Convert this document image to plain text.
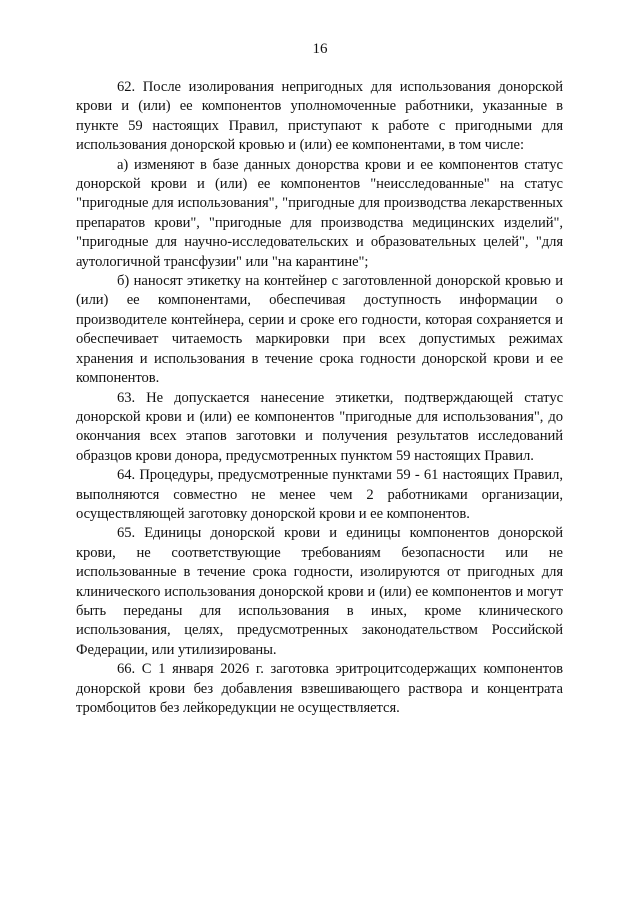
16

62. После изолирования непригодных для использования донорской крови и (или) ее компонентов уполномоченные работники, указанные в пункте 59 настоящих Правил, приступают к работе с пригодными для использования донорской кровью и (или) ее компонентами, в том числе:

а) изменяют в базе данных донорства крови и ее компонентов статус донорской крови и (или) ее компонентов "неисследованные" на статус "пригодные для использования", "пригодные для производства лекарственных препаратов крови", "пригодные для производства медицинских изделий", "пригодные для научно-исследовательских и образовательных целей", "для аутологичной трансфузии" или "на карантине";

б) наносят этикетку на контейнер с заготовленной донорской кровью и (или) ее компонентами, обеспечивая доступность информации о производителе контейнера, серии и сроке его годности, которая сохраняется и обеспечивает читаемость маркировки при всех допустимых режимах хранения и использования в течение срока годности донорской крови и ее компонентов.

63. Не допускается нанесение этикетки, подтверждающей статус донорской крови и (или) ее компонентов "пригодные для использования", до окончания всех этапов заготовки и получения результатов исследований образцов крови донора, предусмотренных пунктом 59 настоящих Правил.

64. Процедуры, предусмотренные пунктами 59 - 61 настоящих Правил, выполняются совместно не менее чем 2 работниками организации, осуществляющей заготовку донорской крови и ее компонентов.

65. Единицы донорской крови и единицы компонентов донорской крови, не соответствующие требованиям безопасности или не использованные в течение срока годности, изолируются от пригодных для клинического использования донорской крови и (или) ее компонентов и могут быть переданы для использования в иных, кроме клинического использования, целях, предусмотренных законодательством Российской Федерации, или утилизированы.

66. С 1 января 2026 г. заготовка эритроцитсодержащих компонентов донорской крови без добавления взвешивающего раствора и концентрата тромбоцитов без лейкоредукции не осуществляется.
